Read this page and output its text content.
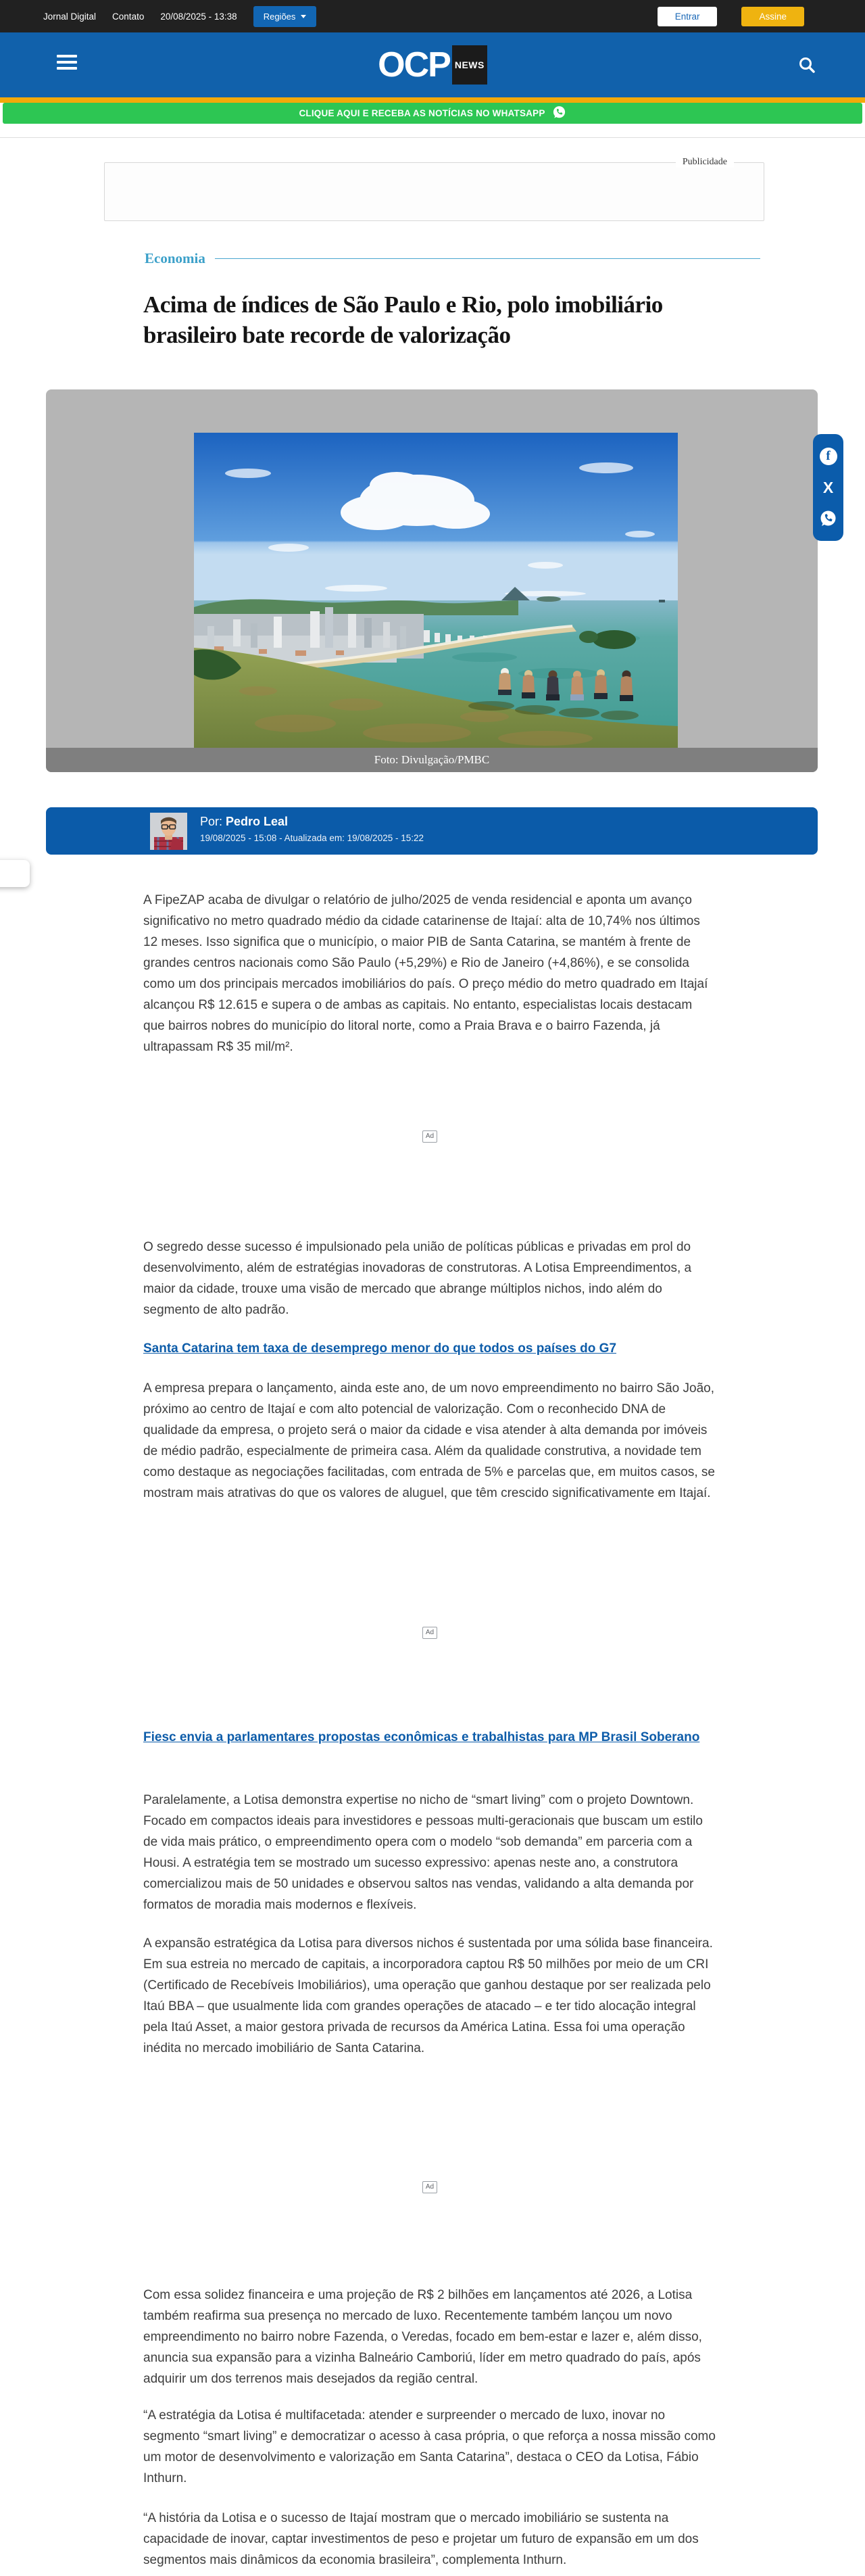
Jornal Digital Contato 20/08/2025 - 13:38	Regiões	Entrar	Assine
OCP NEWS
CLIQUE AQUI E RECEBA AS NOTÍCIAS NO WHATSAPP
Publicidade
Economia
Acima de índices de São Paulo e Rio, polo imobiliário brasileiro bate recorde de valorização
Foto: Divulgação/PMBC
f
X
Por: Pedro Leal
19/08/2025 - 15:08 - Atualizada em: 19/08/2025 - 15:22

A FipeZAP acaba de divulgar o relatório de julho/2025 de venda residencial e aponta um avanço significativo no metro quadrado médio da cidade catarinense de Itajaí: alta de 10,74% nos últimos 12 meses. Isso significa que o município, o maior PIB de Santa Catarina, se mantém à frente de grandes centros nacionais como São Paulo (+5,29%) e Rio de Janeiro (+4,86%), e se consolida como um dos principais mercados imobiliários do país. O preço médio do metro quadrado em Itajaí alcançou R$ 12.615 e supera o de ambas as capitais. No entanto, especialistas locais destacam que bairros nobres do município do litoral norte, como a Praia Brava e o bairro Fazenda, já ultrapassam R$ 35 mil/m².

Ad

O segredo desse sucesso é impulsionado pela união de políticas públicas e privadas em prol do desenvolvimento, além de estratégias inovadoras de construtoras. A Lotisa Empreendimentos, a maior da cidade, trouxe uma visão de mercado que abrange múltiplos nichos, indo além do segmento de alto padrão.

Santa Catarina tem taxa de desemprego menor do que todos os países do G7

A empresa prepara o lançamento, ainda este ano, de um novo empreendimento no bairro São João, próximo ao centro de Itajaí e com alto potencial de valorização. Com o reconhecido DNA de qualidade da empresa, o projeto será o maior da cidade e visa atender à alta demanda por imóveis de médio padrão, especialmente de primeira casa. Além da qualidade construtiva, a novidade tem como destaque as negociações facilitadas, com entrada de 5% e parcelas que, em muitos casos, se mostram mais atrativas do que os valores de aluguel, que têm crescido significativamente em Itajaí.

Ad
Fiesc envia a parlamentares propostas econômicas e trabalhistas para MP Brasil Soberano

Paralelamente, a Lotisa demonstra expertise no nicho de “smart living” com o projeto Downtown. Focado em compactos ideais para investidores e pessoas multi-geracionais que buscam um estilo de vida mais prático, o empreendimento opera com o modelo “sob demanda” em parceria com a Housi. A estratégia tem se mostrado um sucesso expressivo: apenas neste ano, a construtora comercializou mais de 50 unidades e observou saltos nas vendas, validando a alta demanda por formatos de moradia mais modernos e flexíveis.

A expansão estratégica da Lotisa para diversos nichos é sustentada por uma sólida base financeira. Em sua estreia no mercado de capitais, a incorporadora captou R$ 50 milhões por meio de um CRI (Certificado de Recebíveis Imobiliários), uma operação que ganhou destaque por ser realizada pelo Itaú BBA – que usualmente lida com grandes operações de atacado – e ter tido alocação integral pela Itaú Asset, a maior gestora privada de recursos da América Latina. Essa foi uma operação inédita no mercado imobiliário de Santa Catarina.

Ad

Com essa solidez financeira e uma projeção de R$ 2 bilhões em lançamentos até 2026, a Lotisa também reafirma sua presença no mercado de luxo. Recentemente também lançou um novo empreendimento no bairro nobre Fazenda, o Veredas, focado em bem-estar e lazer e, além disso, anuncia sua expansão para a vizinha Balneário Camboriú, líder em metro quadrado do país, após adquirir um dos terrenos mais desejados da região central.

“A estratégia da Lotisa é multifacetada: atender e surpreender o mercado de luxo, inovar no segmento “smart living” e democratizar o acesso à casa própria, o que reforça a nossa missão como um motor de desenvolvimento e valorização em Santa Catarina”, destaca o CEO da Lotisa, Fábio Inthurn.

“A história da Lotisa e o sucesso de Itajaí mostram que o mercado imobiliário se sustenta na capacidade de inovar, captar investimentos de peso e projetar um futuro de expansão em um dos segmentos mais dinâmicos da economia brasileira”, complementa Inthurn.
